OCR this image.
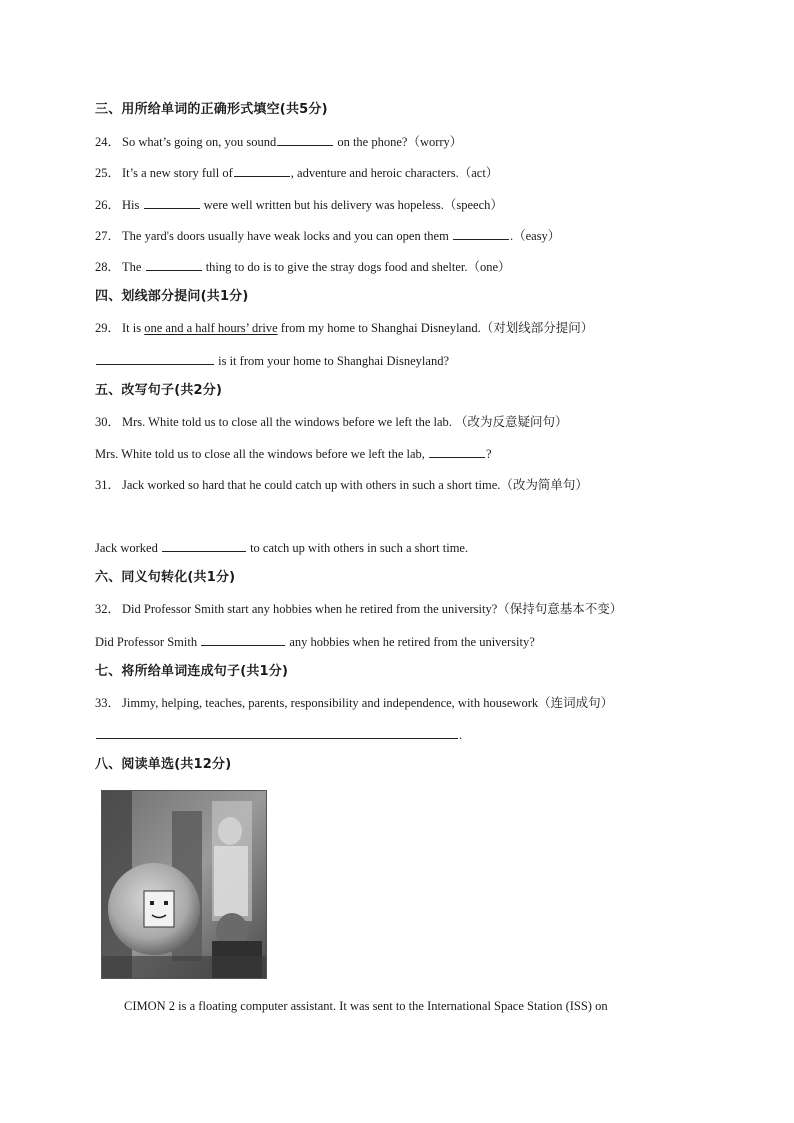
三、用所给单词的正确形式填空(共5分)
24． So what’s going on, you sound	on the phone?（worry）
25． It’s a new story full of	, adventure and heroic characters.（act）
26． His	were well written but his delivery was hopeless.（speech）
27． The yard's doors usually have weak locks and you can open them	.（easy）
28． The	thing to do is to give the stray dogs food and shelter.（one）
四、划线部分提问(共1分)
29． It is one and a half hours’ drive from my home to Shanghai Disneyland.（对划线部分提问）
is it from your home to Shanghai Disneyland?
五、改写句子(共2分)
30． Mrs. White told us to close all the windows before we left the lab. （改为反意疑问句）
Mrs. White told us to close all the windows before we left the lab,	?
31． Jack worked so hard that he could catch up with others in such a short time.（改为简单句）
Jack worked	to catch up with others in such a short time.
六、同义句转化(共1分)
32． Did Professor Smith start any hobbies when he retired from the university?（保持句意基本不变）
Did Professor Smith	any hobbies when he retired from the university?
七、将所给单词连成句子(共1分)
33． Jimmy, helping, teaches, parents, responsibility and independence, with housework（连词成句）
.
八、阅读单选(共12分)
CIMON 2 is a floating computer assistant. It was sent to the International Space Station (ISS) on
